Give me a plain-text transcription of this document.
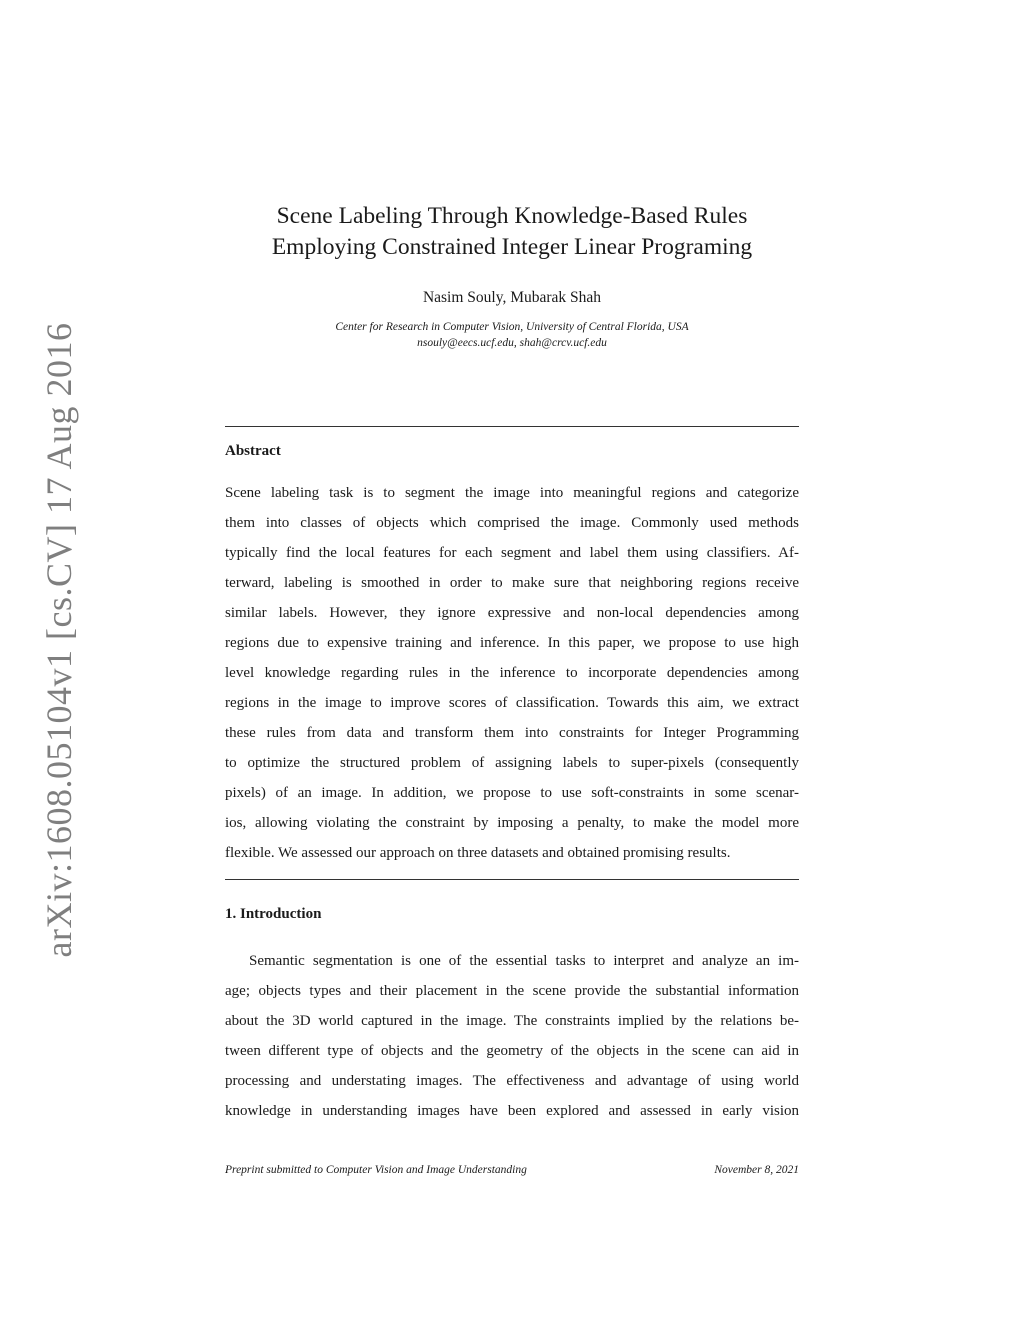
arXiv:1608.05104v1 [cs.CV] 17 Aug 2016
Scene Labeling Through Knowledge-Based Rules
Employing Constrained Integer Linear Programing
Nasim Souly, Mubarak Shah
Center for Research in Computer Vision, University of Central Florida, USA
nsouly@eecs.ucf.edu, shah@crcv.ucf.edu
Abstract
Scene labeling task is to segment the image into meaningful regions and categorize
them into classes of objects which comprised the image. Commonly used methods
typically find the local features for each segment and label them using classifiers. Af-
terward, labeling is smoothed in order to make sure that neighboring regions receive
similar labels. However, they ignore expressive and non-local dependencies among
regions due to expensive training and inference. In this paper, we propose to use high
level knowledge regarding rules in the inference to incorporate dependencies among
regions in the image to improve scores of classification. Towards this aim, we extract
these rules from data and transform them into constraints for Integer Programming
to optimize the structured problem of assigning labels to super-pixels (consequently
pixels) of an image. In addition, we propose to use soft-constraints in some scenar-
ios, allowing violating the constraint by imposing a penalty, to make the model more
flexible. We assessed our approach on three datasets and obtained promising results.
1. Introduction
Semantic segmentation is one of the essential tasks to interpret and analyze an im-
age; objects types and their placement in the scene provide the substantial information
about the 3D world captured in the image. The constraints implied by the relations be-
tween different type of objects and the geometry of the objects in the scene can aid in
processing and understating images. The effectiveness and advantage of using world
knowledge in understanding images have been explored and assessed in early vision
Preprint submitted to Computer Vision and Image Understanding	November 8, 2021
